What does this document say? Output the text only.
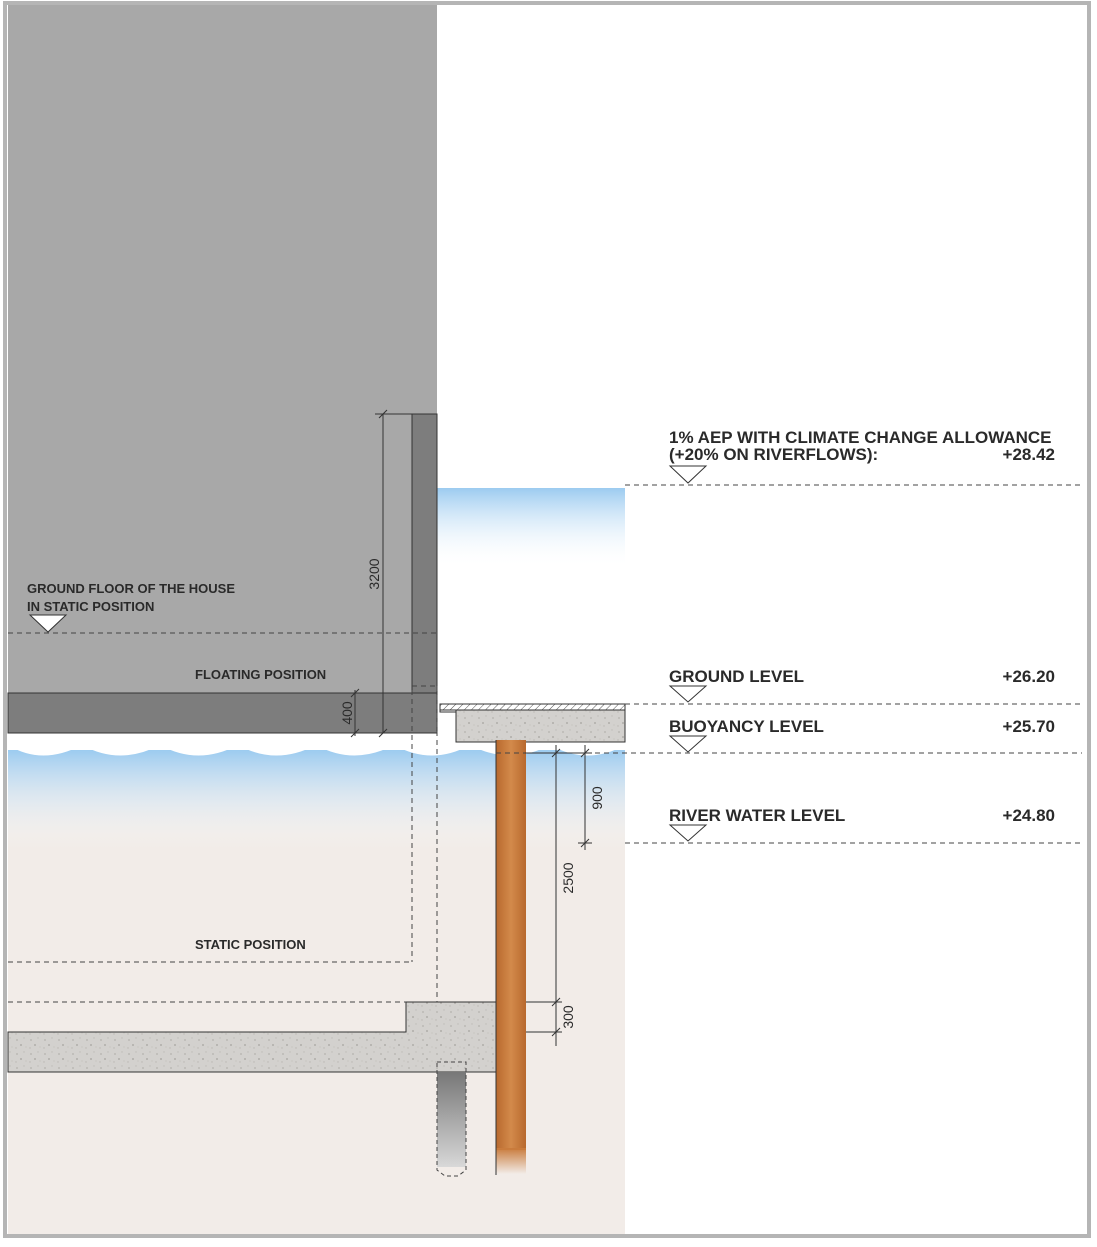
1% AEP WITH CLIMATE CHANGE ALLOWANCE
(+20% ON RIVERFLOWS):	+28.42
GROUND LEVEL	+26.20
BUOYANCY LEVEL	+25.70
RIVER WATER LEVEL	+24.80
GROUND FLOOR OF THE HOUSE
IN STATIC POSITION
FLOATING POSITION
STATIC POSITION
3200
400
900
2500
300
